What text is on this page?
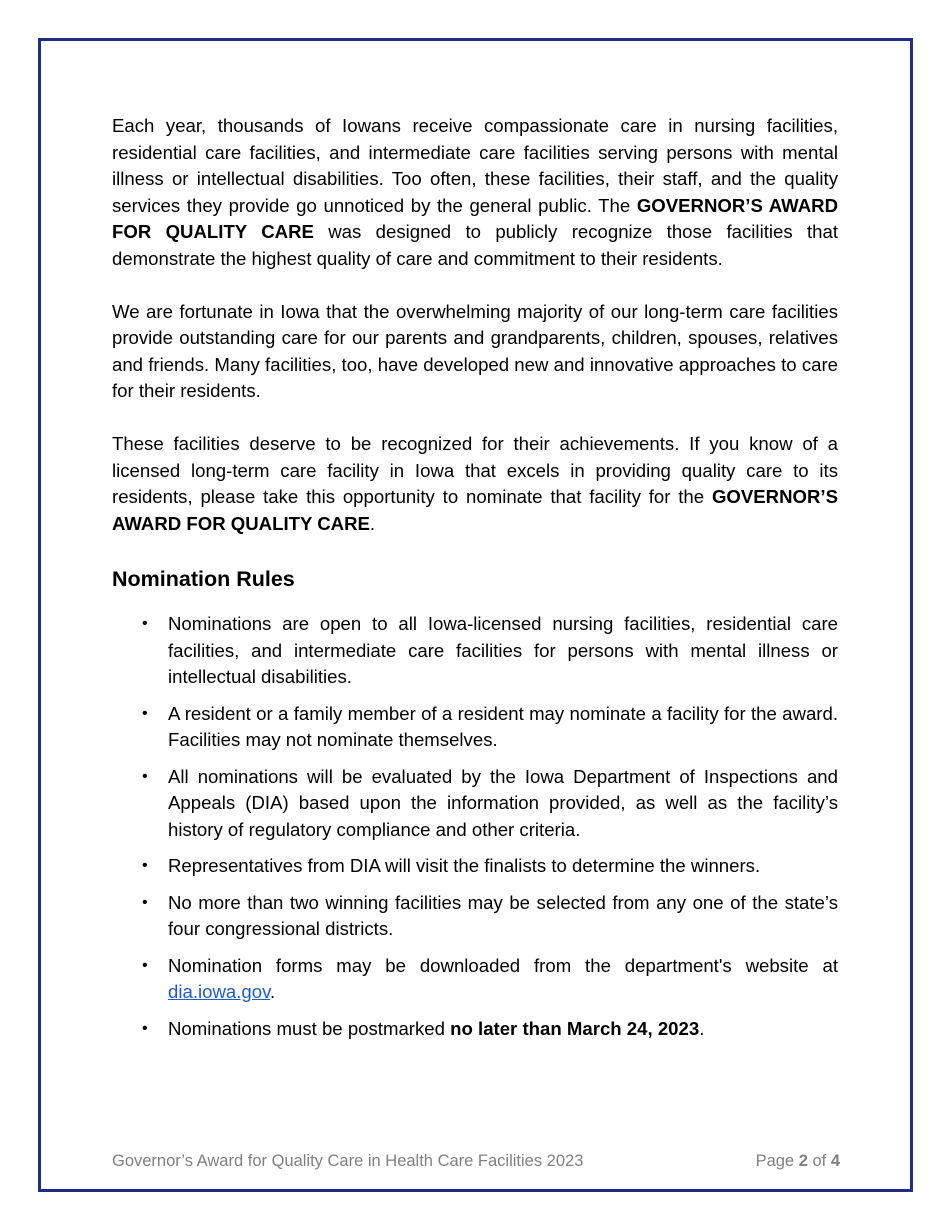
Each year, thousands of Iowans receive compassionate care in nursing facilities, residential care facilities, and intermediate care facilities serving persons with mental illness or intellectual disabilities. Too often, these facilities, their staff, and the quality services they provide go unnoticed by the general public. The GOVERNOR’S AWARD FOR QUALITY CARE was designed to publicly recognize those facilities that demonstrate the highest quality of care and commitment to their residents.

We are fortunate in Iowa that the overwhelming majority of our long-term care facilities provide outstanding care for our parents and grandparents, children, spouses, relatives and friends. Many facilities, too, have developed new and innovative approaches to care for their residents.

These facilities deserve to be recognized for their achievements. If you know of a licensed long-term care facility in Iowa that excels in providing quality care to its residents, please take this opportunity to nominate that facility for the GOVERNOR’S AWARD FOR QUALITY CARE.

Nomination Rules
• Nominations are open to all Iowa-licensed nursing facilities, residential care facilities, and intermediate care facilities for persons with mental illness or intellectual disabilities.
• A resident or a family member of a resident may nominate a facility for the award. Facilities may not nominate themselves.
• All nominations will be evaluated by the Iowa Department of Inspections and Appeals (DIA) based upon the information provided, as well as the facility’s history of regulatory compliance and other criteria.
• Representatives from DIA will visit the finalists to determine the winners.
• No more than two winning facilities may be selected from any one of the state’s four congressional districts.
• Nomination forms may be downloaded from the department's website at dia.iowa.gov.
• Nominations must be postmarked no later than March 24, 2023.
Governor’s Award for Quality Care in Health Care Facilities 2023	Page 2 of 4
